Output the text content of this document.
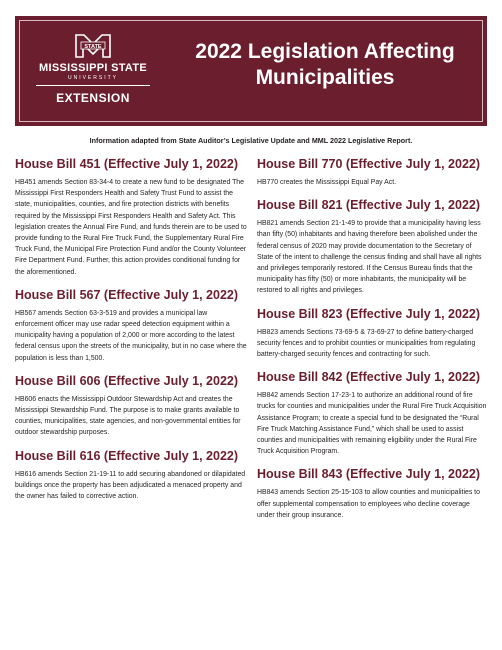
STATE
MISSISSIPPI STATE
UNIVERSITY
EXTENSION
2022 Legislation Affecting
Municipalities
Information adapted from State Auditor’s Legislative Update and MML 2022 Legislative Report.
House Bill 451 (Effective July 1, 2022)

HB451 amends Section 83-34-4 to create a new fund to be designated The Mississippi First Responders Health and Safety Trust Fund to assist the state, municipalities, counties, and fire protection districts with benefits required by the Mississippi First Responders Health and Safety Act. This legislation creates the Annual Fire Fund, and funds therein are to be used to provide funding to the Rural Fire Truck Fund, the Supplementary Rural Fire Truck Fund, the Municipal Fire Protection Fund and/or the County Volunteer Fire Department Fund. Further, this action provides conditional funding for the aforementioned.

House Bill 567 (Effective July 1, 2022)

HB567 amends Section 63-3-519 and provides a municipal law enforcement officer may use radar speed detection equipment within a municipality having a population of 2,000 or more according to the latest federal census upon the streets of the municipality, but in no case where the population is less than 1,500.

House Bill 606 (Effective July 1, 2022)

HB606 enacts the Mississippi Outdoor Stewardship Act and creates the Mississippi Stewardship Fund. The purpose is to make grants available to counties, municipalities, state agencies, and non-governmental entities for outdoor stewardship purposes.

House Bill 616 (Effective July 1, 2022)

HB616 amends Section 21-19-11 to add securing abandoned or dilapidated buildings once the property has been adjudicated a menaced property and the owner has failed to corrective action.

House Bill 770 (Effective July 1, 2022)

HB770 creates the Mississippi Equal Pay Act.

House Bill 821 (Effective July 1, 2022)

HB821 amends Section 21-1-49 to provide that a municipality having less than fifty (50) inhabitants and having therefore been abolished under the federal census of 2020 may provide documentation to the Secretary of State of the intent to challenge the census finding and shall have all rights and privileges temporarily restored. If the Census Bureau finds that the municipality has fifty (50) or more inhabitants, the municipality will be restored to all rights and privileges.

House Bill 823 (Effective July 1, 2022)

HB823 amends Sections 73-69-5 & 73-69-27 to define battery-charged security fences and to prohibit counties or municipalities from regulating battery-charged security fences and contracting for such.

House Bill 842 (Effective July 1, 2022)

HB842 amends Section 17-23-1 to authorize an additional round of fire trucks for counties and municipalities under the Rural Fire Truck Acquisition Assistance Program; to create a special fund to be designated the “Rural Fire Truck Matching Assistance Fund,” which shall be used to assist counties and municipalities with remaining eligibility under the Rural Fire Truck Acquisition Program.

House Bill 843 (Effective July 1, 2022)

HB843 amends Section 25-15-103 to allow counties and municipalities to offer supplemental compensation to employees who decline coverage under their group insurance.
